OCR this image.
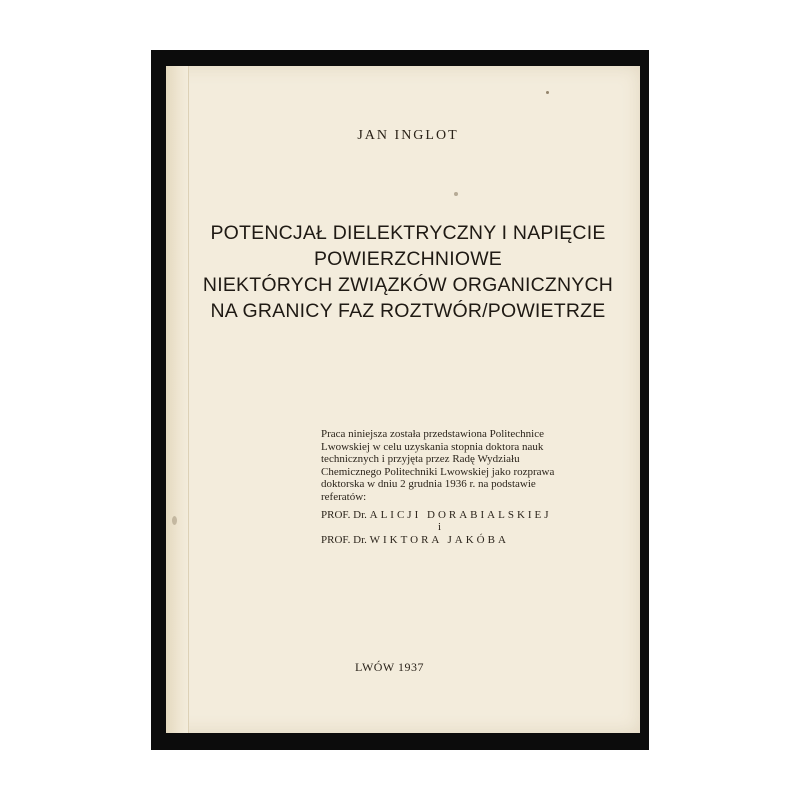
JAN INGLOT
POTENCJAŁ DIELEKTRYCZNY I NAPIĘCIE
POWIERZCHNIOWE
NIEKTÓRYCH ZWIĄZKÓW ORGANICZNYCH
NA GRANICY FAZ ROZTWÓR/POWIETRZE
Praca niniejsza została przedstawiona Politechnice
Lwowskiej w celu uzyskania stopnia doktora nauk
technicznych i przyjęta przez Radę Wydziału
Chemicznego Politechniki Lwowskiej jako rozprawa
doktorska w dniu 2 grudnia 1936 r. na podstawie
referatów:
PROF. Dr. ALICJI DORABIALSKIEJ
i
PROF. Dr. WIKTORA JAKÓBA
LWÓW 1937
